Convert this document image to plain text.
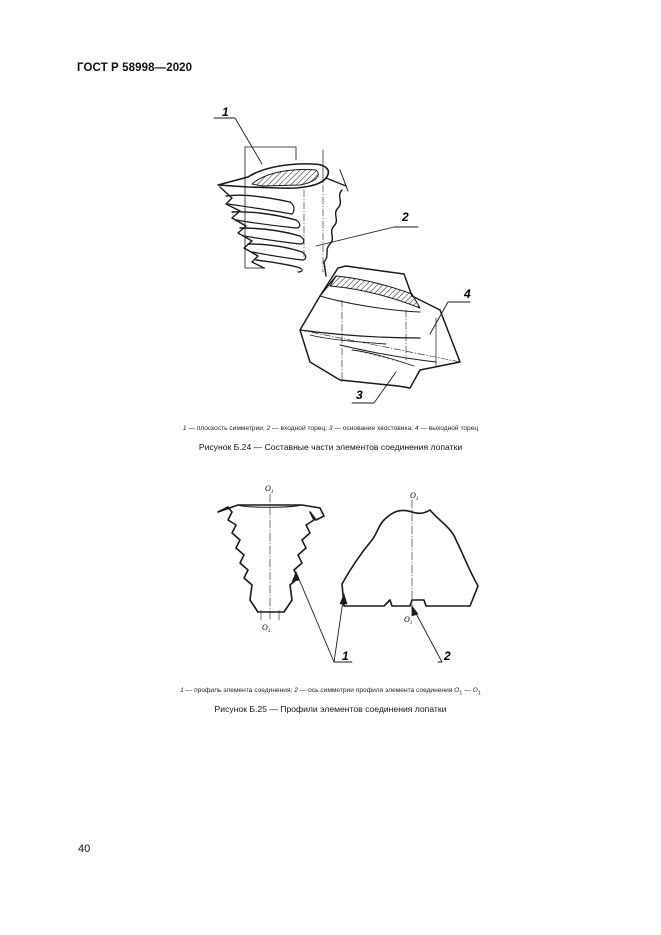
ГОСТ Р 58998—2020
1
2
3
4
$O_1$
$O_1$
$O_1$
$O_1$
1	2
1 — плоскость симметрии; 2 — входной торец; 3 — основание хвостовика; 4 — выходной торец
Рисунок Б.24 — Составные части элементов соединения лопатки
1 — профиль элемента соединения; 2 — ось симметрии профиля элемента соединения $O_1$ — $O_1$
Рисунок Б.25 — Профили элементов соединения лопатки
40
